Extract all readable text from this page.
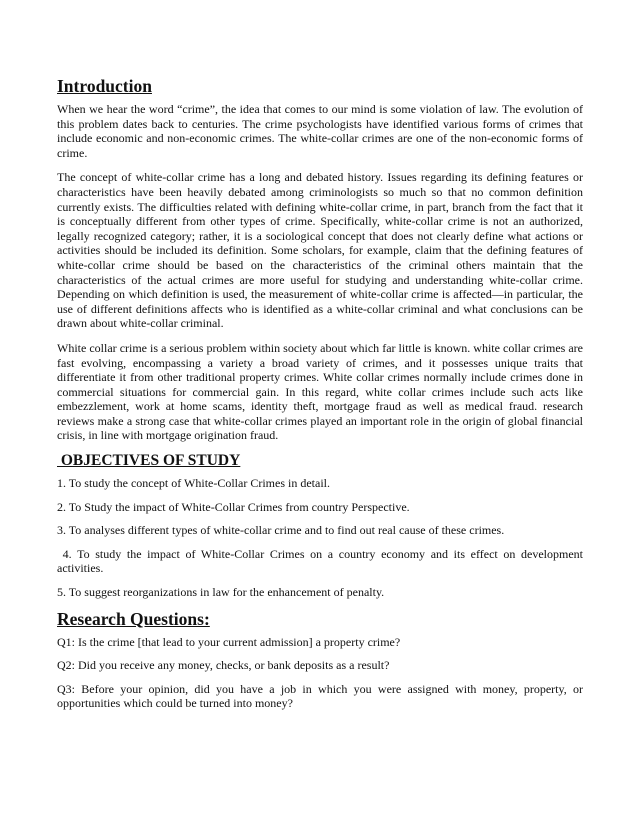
Introduction

When we hear the word “crime”, the idea that comes to our mind is some violation of law. The evolution of this problem dates back to centuries. The crime psychologists have identified various forms of crimes that include economic and non-economic crimes. The white-collar crimes are one of the non-economic forms of crime.

The concept of white-collar crime has a long and debated history. Issues regarding its defining features or characteristics have been heavily debated among criminologists so much so that no common definition currently exists. The difficulties related with defining white-collar crime, in part, branch from the fact that it is conceptually different from other types of crime. Specifically, white-collar crime is not an authorized, legally recognized category; rather, it is a sociological concept that does not clearly define what actions or activities should be included its definition. Some scholars, for example, claim that the defining features of white-collar crime should be based on the characteristics of the criminal others maintain that the characteristics of the actual crimes are more useful for studying and understanding white-collar crime. Depending on which definition is used, the measurement of white-collar crime is affected—in particular, the use of different definitions affects who is identified as a white-collar criminal and what conclusions can be drawn about white-collar criminal.

White collar crime is a serious problem within society about which far little is known. white collar crimes are fast evolving, encompassing a variety a broad variety of crimes, and it possesses unique traits that differentiate it from other traditional property crimes. White collar crimes normally include crimes done in commercial situations for commercial gain. In this regard, white collar crimes include such acts like embezzlement, work at home scams, identity theft, mortgage fraud as well as medical fraud. research reviews make a strong case that white-collar crimes played an important role in the origin of global financial crisis, in line with mortgage origination fraud.

OBJECTIVES OF STUDY

1. To study the concept of White-Collar Crimes in detail.

2. To Study the impact of White-Collar Crimes from country Perspective.

3. To analyses different types of white-collar crime and to find out real cause of these crimes.

4. To study the impact of White-Collar Crimes on a country economy and its effect on development activities.

5. To suggest reorganizations in law for the enhancement of penalty.

Research Questions:

Q1: Is the crime [that lead to your current admission] a property crime?

Q2: Did you receive any money, checks, or bank deposits as a result?

Q3: Before your opinion, did you have a job in which you were assigned with money, property, or opportunities which could be turned into money?
